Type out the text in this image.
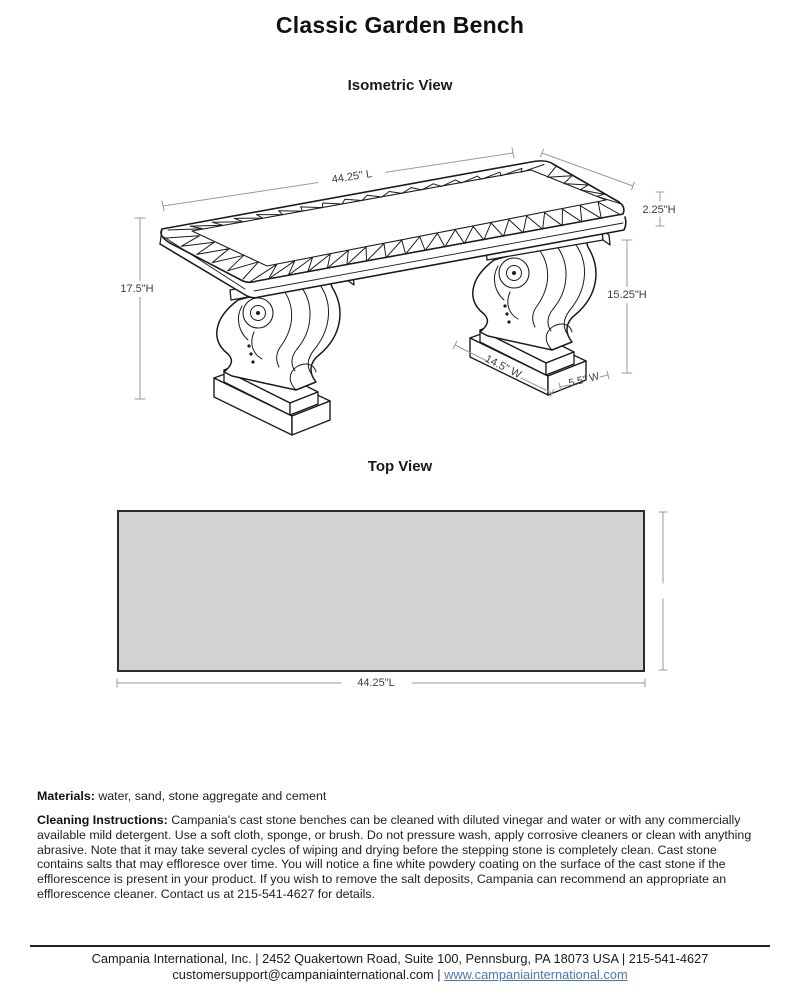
Classic Garden Bench
Isometric View
44.25" L
2.25"H
17.5"H	15.25"H
14.5" W	5.5" W
Top View
44.25"L
Materials: water, sand, stone aggregate and cement
Cleaning Instructions: Campania's cast stone benches can be cleaned with diluted vinegar and water or with any commercially available mild detergent. Use a soft cloth, sponge, or brush. Do not pressure wash, apply corrosive cleaners or clean with anything abrasive. Note that it may take several cycles of wiping and drying before the stepping stone is completely clean. Cast stone contains salts that may effloresce over time. You will notice a fine white powdery coating on the surface of the cast stone if the efflorescence is present in your product. If you wish to remove the salt deposits, Campania can recommend an appropriate an efflorescence cleaner. Contact us at 215-541-4627 for details.
Campania International, Inc. | 2452 Quakertown Road, Suite 100, Pennsburg, PA 18073 USA | 215-541-4627
customersupport@campaniainternational.com | www.campaniainternational.com
